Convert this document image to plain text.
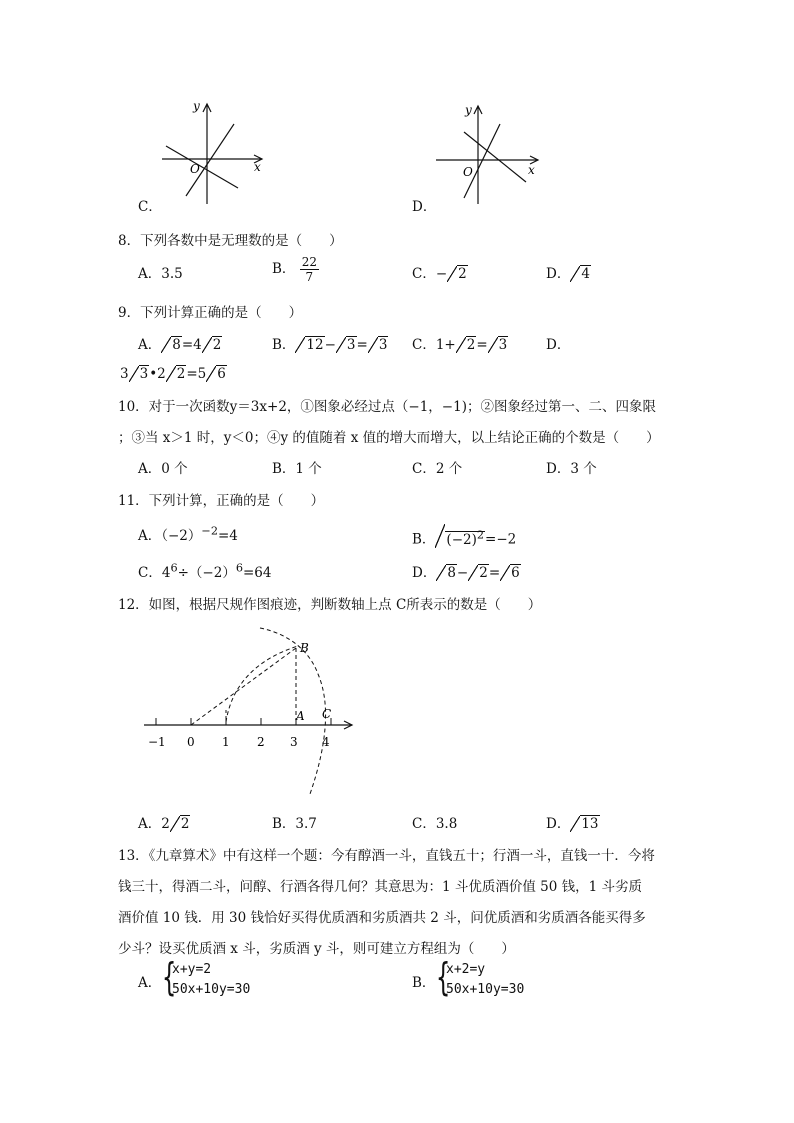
x
y
O
C．
x
y
O
D．
8．下列各数中是无理数的是（　　）
A．3.5	B． $\frac{22}{7}$	C．− 2	D． 4
9．下列计算正确的是（　　）
A． 8=4 2	B． 12− 3= 3 C．1+ 2= 3	D．
3 3•2 2=5 6
10．对于一次函数y＝3x+2，①图象必经过点（−1，−1)；②图象经过第一、二、四象限
；③当 x＞1 时，y＜0；④y 的值随着 x 值的增大而增大，以上结论正确的个数是（　　）
A．0 个	B．1 个	C．2 个	D．3 个
11．下列计算，正确的是（　　）
A．$(-2)^{-2}=4$	B． $(-2)^2=-2$
C．$4^6\div(-2)^6=64$	D． 8− 2= 6
12．如图，根据尺规作图痕迹，判断数轴上点 C所表示的数是（　　）
−1 0 1 2 3 4
B
A C
A．2 2	B．3.7	C．3.8	D． 13
13．《九章算术》中有这样一个题：今有醇酒一斗，直钱五十；行酒一斗，直钱一十．今将
钱三十，得酒二斗，问醇、行酒各得几何？其意思为：1 斗优质酒价值 50 钱，1 斗劣质
酒价值 10 钱．用 30 钱恰好买得优质酒和劣质酒共 2 斗，问优质酒和劣质酒各能买得多
少斗？设买优质酒 x 斗，劣质酒 y 斗，则可建立方程组为（　　）
A． {
x+y=2
50x+10y=30	B． {
x+2=y
50x+10y=30
